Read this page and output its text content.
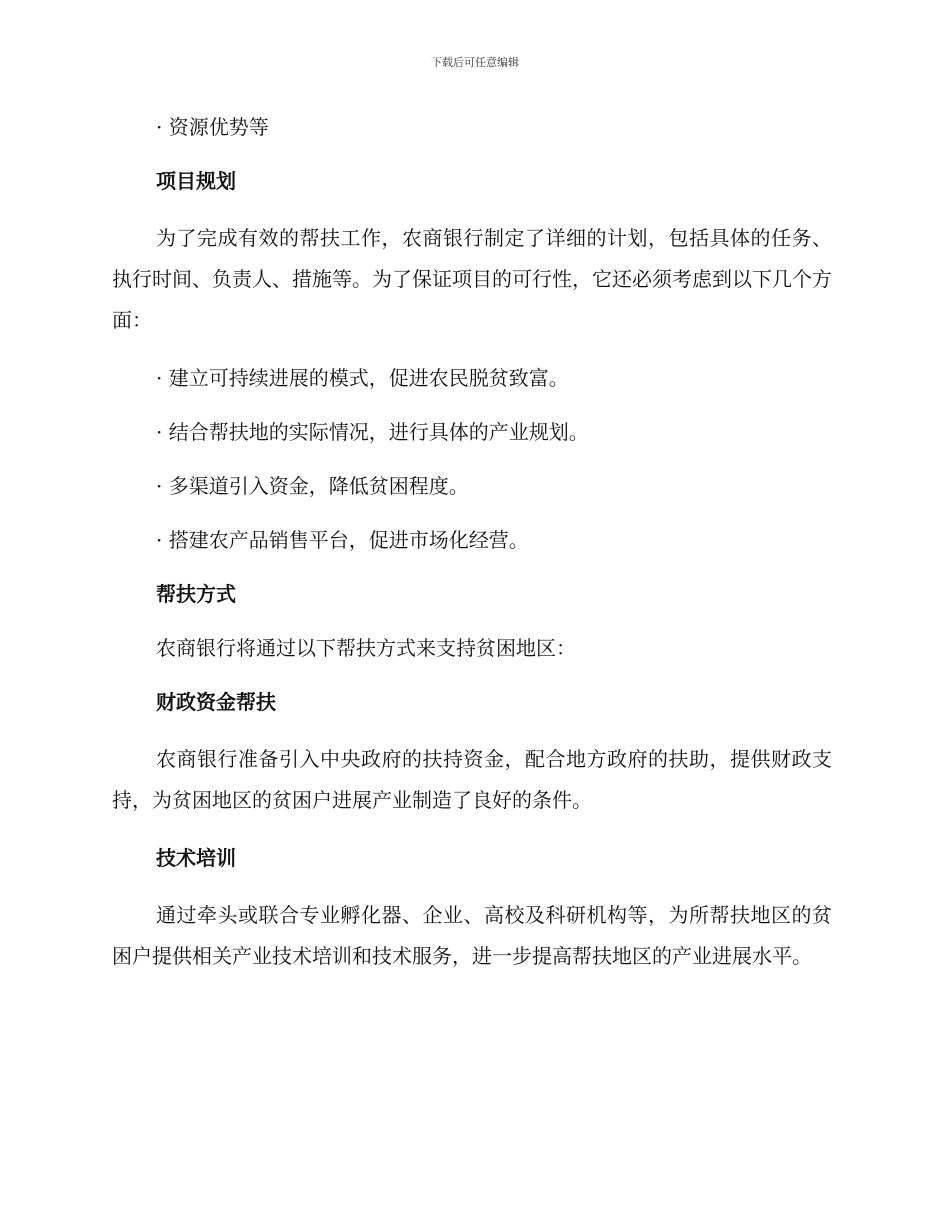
下载后可任意编辑

· 资源优势等

项目规划

为了完成有效的帮扶工作，农商银行制定了详细的计划，包括具体的任务、执行时间、负责人、措施等。为了保证项目的可行性，它还必须考虑到以下几个方面：

· 建立可持续进展的模式，促进农民脱贫致富。

· 结合帮扶地的实际情况，进行具体的产业规划。

· 多渠道引入资金，降低贫困程度。

· 搭建农产品销售平台，促进市场化经营。

帮扶方式

农商银行将通过以下帮扶方式来支持贫困地区：

财政资金帮扶

农商银行准备引入中央政府的扶持资金，配合地方政府的扶助，提供财政支持，为贫困地区的贫困户进展产业制造了良好的条件。

技术培训

通过牵头或联合专业孵化器、企业、高校及科研机构等，为所帮扶地区的贫困户提供相关产业技术培训和技术服务，进一步提高帮扶地区的产业进展水平。
